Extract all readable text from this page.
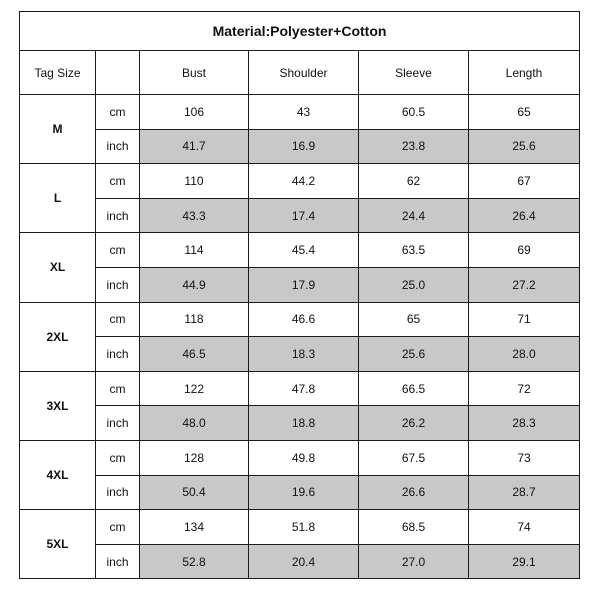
Material:Polyester+Cotton					
Tag Size		Bust	Shoulder	Sleeve	Length
M	cm	106	43	60.5	65
	inch	41.7	16.9	23.8	25.6
L	cm	110	44.2	62	67
	inch	43.3	17.4	24.4	26.4
XL	cm	114	45.4	63.5	69
	inch	44.9	17.9	25.0	27.2
2XL	cm	118	46.6	65	71
	inch	46.5	18.3	25.6	28.0
3XL	cm	122	47.8	66.5	72
	inch	48.0	18.8	26.2	28.3
4XL	cm	128	49.8	67.5	73
	inch	50.4	19.6	26.6	28.7
5XL	cm	134	51.8	68.5	74
	inch	52.8	20.4	27.0	29.1
